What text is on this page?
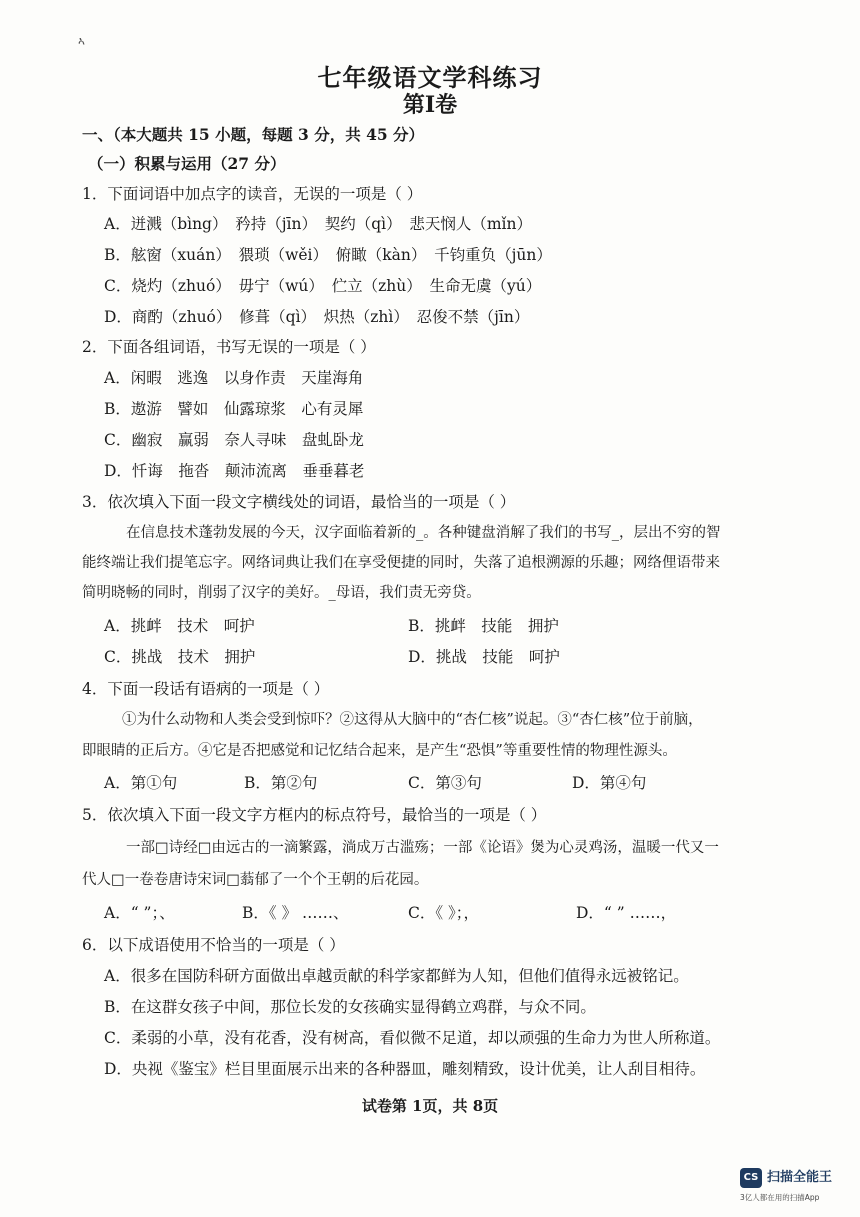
ኣ
七年级语文学科练习
第Ⅰ卷
一、（本大题共 15 小题，每题 3 分，共 45 分）
（一）积累与运用（27 分）
1．下面词语中加点字的读音，无误的一项是（ ）
A．迸溅（bìng）　矜持（jīn）　契约（qì）　悲天悯人（mǐn）
B．舷窗（xuán）　猥琐（wěi）　俯瞰（kàn）　千钧重负（jūn）
C．烧灼（zhuó）　毋宁（wú）　伫立（zhù）　生命无虞（yú）
D．商酌（zhuó）　修葺（qì）　炽热（zhì）　忍俊不禁（jīn）
2．下面各组词语，书写无误的一项是（ ）
A．闲暇　逃逸　以身作责　天崖海角
B．遨游　譬如　仙露琼浆　心有灵犀
C．幽寂　赢弱　奈人寻味　盘虬卧龙
D．忏诲　拖沓　颠沛流离　垂垂暮老
3．依次填入下面一段文字横线处的词语，最恰当的一项是（ ）
在信息技术蓬勃发展的今天，汉字面临着新的_。各种键盘消解了我们的书写_，层出不穷的智
能终端让我们提笔忘字。网络词典让我们在享受便捷的同时，失落了追根溯源的乐趣；网络俚语带来
简明晓畅的同时，削弱了汉字的美好。_母语，我们责无旁贷。
A．挑衅　技术　呵护	B．挑衅　技能　拥护
C．挑战　技术　拥护	D．挑战　技能　呵护
4．下面一段话有语病的一项是（ ）
①为什么动物和人类会受到惊吓？②这得从大脑中的“杏仁核”说起。③“杏仁核”位于前脑，
即眼睛的正后方。④它是否把感觉和记忆结合起来，是产生“恐惧”等重要性情的物理性源头。
A．第①句	B．第②句	C．第③句	D．第④句
5．依次填入下面一段文字方框内的标点符号，最恰当的一项是（ ）
一部□诗经□由远古的一滴繁露，淌成万古滥殇；一部《论语》煲为心灵鸡汤，温暖一代又一
代人□一卷卷唐诗宋词□蓊郁了一个个王朝的后花园。
A．“ ”；、	B．《 》 ……、	C．《 》；，	D．“ ” ……，
6．以下成语使用不恰当的一项是（ ）
A．很多在国防科研方面做出卓越贡献的科学家都鲜为人知，但他们值得永远被铭记。
B．在这群女孩子中间，那位长发的女孩确实显得鹤立鸡群，与众不同。
C．柔弱的小草，没有花香，没有树高，看似微不足道，却以顽强的生命力为世人所称道。
D．央视《鉴宝》栏目里面展示出来的各种器皿，雕刻精致，设计优美，让人刮目相待。
试卷第 1页，共 8页
CS 扫描全能王
3亿人都在用的扫描App
